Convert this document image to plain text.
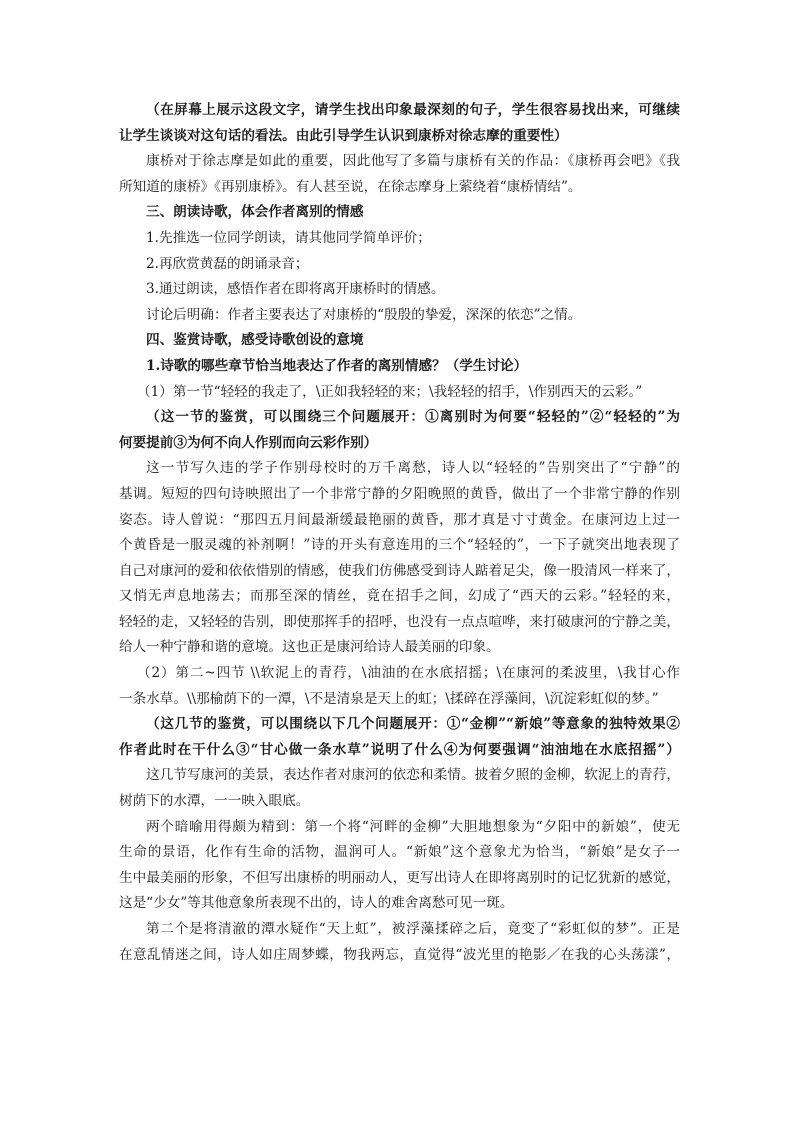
（在屏幕上展示这段文字，请学生找出印象最深刻的句子，学生很容易找出来，可继续

让学生谈谈对这句话的看法。由此引导学生认识到康桥对徐志摩的重要性）

康桥对于徐志摩是如此的重要，因此他写了多篇与康桥有关的作品：《康桥再会吧》《我

所知道的康桥》《再别康桥》。有人甚至说，在徐志摩身上萦绕着“康桥情结”。

三、朗读诗歌，体会作者离别的情感

1.先推选一位同学朗读，请其他同学简单评价；

2.再欣赏黄磊的朗诵录音；

3.通过朗读，感悟作者在即将离开康桥时的情感。

讨论后明确：作者主要表达了对康桥的“殷殷的挚爱，深深的依恋”之情。

四、鉴赏诗歌，感受诗歌创设的意境

1.诗歌的哪些章节恰当地表达了作者的离别情感？（学生讨论）

（1）第一节“轻轻的我走了，\正如我轻轻的来；\我轻轻的招手，\作别西天的云彩。”

（这一节的鉴赏，可以围绕三个问题展开：①离别时为何要“轻轻的”②“轻轻的”为

何要提前③为何不向人作别而向云彩作别）

这一节写久违的学子作别母校时的万千离愁，诗人以“轻轻的”告别突出了“宁静”的

基调。短短的四句诗映照出了一个非常宁静的夕阳晚照的黄昏，做出了一个非常宁静的作别

姿态。诗人曾说：“那四五月间最渐缓最艳丽的黄昏，那才真是寸寸黄金。在康河边上过一

个黄昏是一服灵魂的补剂啊！”诗的开头有意连用的三个“轻轻的”，一下子就突出地表现了

自己对康河的爱和依依惜别的情感，使我们仿佛感受到诗人踮着足尖，像一股清风一样来了，

又悄无声息地荡去；而那至深的情丝，竟在招手之间，幻成了“西天的云彩。”轻轻的来，

轻轻的走，又轻轻的告别，即使那挥手的招呼，也没有一点点喧哗，来打破康河的宁静之美，

给人一种宁静和谐的意境。这也正是康河给诗人最美丽的印象。

（2）第二~四节 \\软泥上的青荇，\油油的在水底招摇；\在康河的柔波里，\我甘心作

一条水草。\\那榆荫下的一潭，\不是清泉是天上的虹；\揉碎在浮藻间，\沉淀彩虹似的梦。”

（这几节的鉴赏，可以围绕以下几个问题展开：①“金柳”“新娘”等意象的独特效果②

作者此时在干什么③“甘心做一条水草”说明了什么④为何要强调“油油地在水底招摇”）

这几节写康河的美景，表达作者对康河的依恋和柔情。披着夕照的金柳，软泥上的青荇，

树荫下的水潭，一一映入眼底。

两个暗喻用得颇为精到：第一个将“河畔的金柳”大胆地想象为“夕阳中的新娘”，使无

生命的景语，化作有生命的活物，温润可人。“新娘”这个意象尤为恰当，“新娘”是女子一

生中最美丽的形象，不但写出康桥的明丽动人，更写出诗人在即将离别时的记忆犹新的感觉，

这是“少女”等其他意象所表现不出的，诗人的难舍离愁可见一斑。

第二个是将清澈的潭水疑作“天上虹”，被浮藻揉碎之后，竟变了“彩虹似的梦”。正是

在意乱情迷之间，诗人如庄周梦蝶，物我两忘，直觉得“波光里的艳影／在我的心头荡漾”，
